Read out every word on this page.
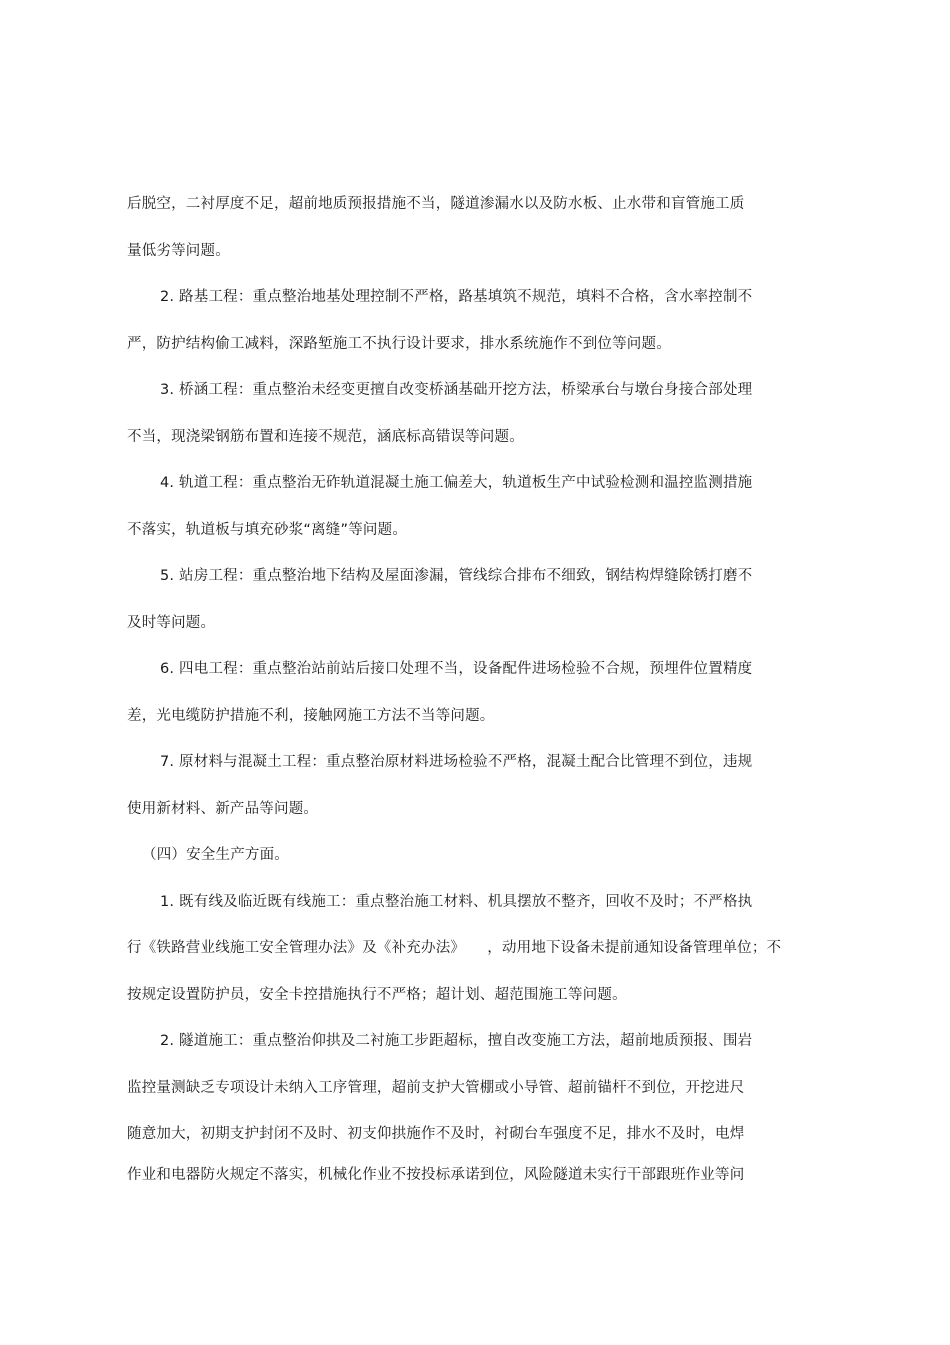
后脱空，二衬厚度不足，超前地质预报措施不当，隧道渗漏水以及防水板、止水带和盲管施工质
量低劣等问题。
2. 路基工程：重点整治地基处理控制不严格，路基填筑不规范，填料不合格，含水率控制不
严，防护结构偷工减料，深路堑施工不执行设计要求，排水系统施作不到位等问题。
3. 桥涵工程：重点整治未经变更擅自改变桥涵基础开挖方法，桥梁承台与墩台身接合部处理
不当，现浇梁钢筋布置和连接不规范，涵底标高错误等问题。
4. 轨道工程：重点整治无砟轨道混凝土施工偏差大，轨道板生产中试验检测和温控监测措施
不落实，轨道板与填充砂浆“离缝”等问题。
5. 站房工程：重点整治地下结构及屋面渗漏，管线综合排布不细致，钢结构焊缝除锈打磨不
及时等问题。
6. 四电工程：重点整治站前站后接口处理不当，设备配件进场检验不合规，预埋件位置精度
差，光电缆防护措施不利，接触网施工方法不当等问题。
7. 原材料与混凝土工程：重点整治原材料进场检验不严格，混凝土配合比管理不到位，违规
使用新材料、新产品等问题。
（四）安全生产方面。
1. 既有线及临近既有线施工：重点整治施工材料、机具摆放不整齐，回收不及时；不严格执
行《铁路营业线施工安全管理办法》及《补充办法》　　，动用地下设备未提前通知设备管理单位；不
按规定设置防护员，安全卡控措施执行不严格；超计划、超范围施工等问题。
2. 隧道施工：重点整治仰拱及二衬施工步距超标，擅自改变施工方法，超前地质预报、围岩
监控量测缺乏专项设计未纳入工序管理，超前支护大管棚或小导管、超前锚杆不到位，开挖进尺
随意加大，初期支护封闭不及时、初支仰拱施作不及时，衬砌台车强度不足，排水不及时，电焊
作业和电器防火规定不落实，机械化作业不按投标承诺到位，风险隧道未实行干部跟班作业等问
